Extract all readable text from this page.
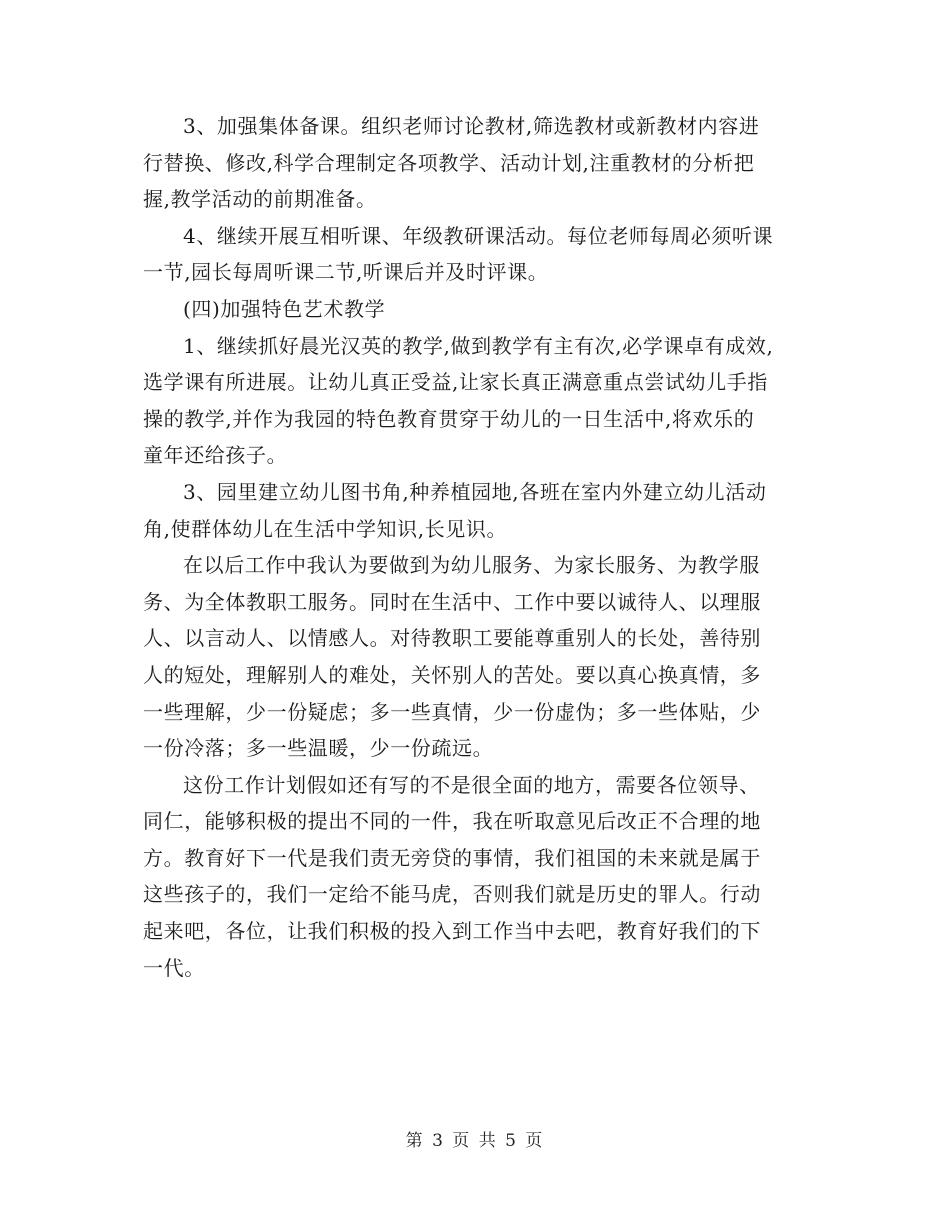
3、加强集体备课。组织老师讨论教材,筛选教材或新教材内容进
行替换、修改,科学合理制定各项教学、活动计划,注重教材的分析把
握,教学活动的前期准备。

4、继续开展互相听课、年级教研课活动。每位老师每周必须听课
一节,园长每周听课二节,听课后并及时评课。

(四)加强特色艺术教学

1、继续抓好晨光汉英的教学,做到教学有主有次,必学课卓有成效,
选学课有所进展。让幼儿真正受益,让家长真正满意重点尝试幼儿手指
操的教学,并作为我园的特色教育贯穿于幼儿的一日生活中,将欢乐的
童年还给孩子。

3、园里建立幼儿图书角,种养植园地,各班在室内外建立幼儿活动
角,使群体幼儿在生活中学知识,长见识。

在以后工作中我认为要做到为幼儿服务、为家长服务、为教学服
务、为全体教职工服务。同时在生活中、工作中要以诚待人、以理服
人、以言动人、以情感人。对待教职工要能尊重别人的长处，善待别
人的短处，理解别人的难处，关怀别人的苦处。要以真心换真情，多
一些理解，少一份疑虑；多一些真情，少一份虚伪；多一些体贴，少
一份冷落；多一些温暖，少一份疏远。

这份工作计划假如还有写的不是很全面的地方，需要各位领导、
同仁，能够积极的提出不同的一件，我在听取意见后改正不合理的地
方。教育好下一代是我们责无旁贷的事情，我们祖国的未来就是属于
这些孩子的，我们一定给不能马虎，否则我们就是历史的罪人。行动
起来吧，各位，让我们积极的投入到工作当中去吧，教育好我们的下
一代。

第 3 页 共 5 页
